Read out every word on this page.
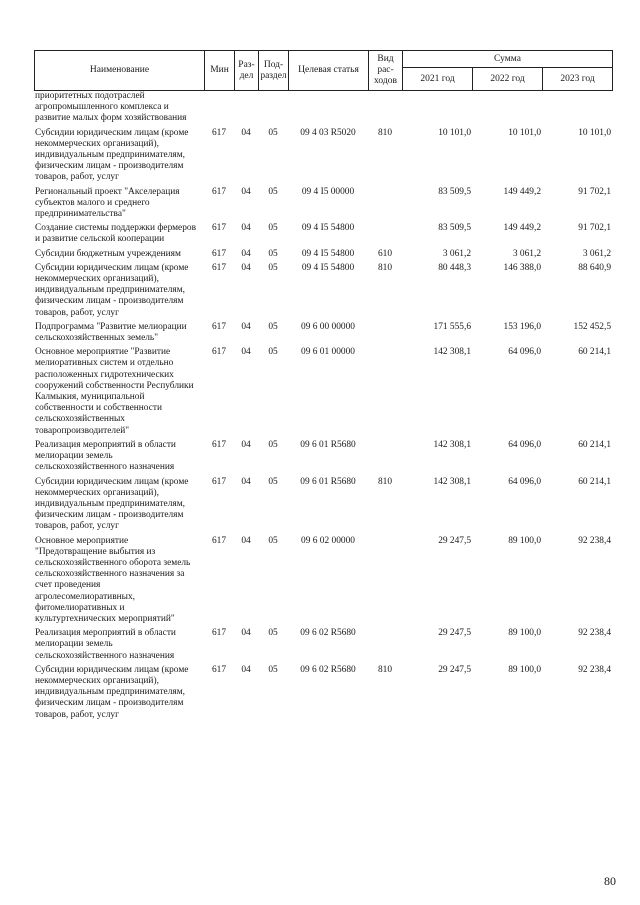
Наименование	Мин	Раз-дел	Под-раздел	Целевая статья	Вид рас-ходов	Сумма		
						2021 год	2022 год	2023 год
приоритетных подотраслей агропромышленного комплекса и развитие малых форм хозяйствования								
Субсидии юридическим лицам (кроме некоммерческих организаций), индивидуальным предпринимателям, физическим лицам - производителям товаров, работ, услуг	617	04	05	09 4 03 R5020	810	10 101,0	10 101,0	10 101,0
Региональный проект "Акселерация субъектов малого и среднего предпринимательства"	617	04	05	09 4 I5 00000		83 509,5	149 449,2	91 702,1
Создание системы поддержки фермеров и развитие сельской кооперации	617	04	05	09 4 I5 54800		83 509,5	149 449,2	91 702,1
Субсидии бюджетным учреждениям	617	04	05	09 4 I5 54800	610	3 061,2	3 061,2	3 061,2
Субсидии юридическим лицам (кроме некоммерческих организаций), индивидуальным предпринимателям, физическим лицам - производителям товаров, работ, услуг	617	04	05	09 4 I5 54800	810	80 448,3	146 388,0	88 640,9
Подпрограмма "Развитие мелиорации сельскохозяйственных земель"	617	04	05	09 6 00 00000		171 555,6	153 196,0	152 452,5
Основное мероприятие "Развитие мелиоративных систем и отдельно расположенных гидротехнических сооружений собственности Республики Калмыкия, муниципальной собственности и собственности сельскохозяйственных товаропроизводителей"	617	04	05	09 6 01 00000		142 308,1	64 096,0	60 214,1
Реализация мероприятий в области мелиорации земель сельскохозяйственного назначения	617	04	05	09 6 01 R5680		142 308,1	64 096,0	60 214,1
Субсидии юридическим лицам (кроме некоммерческих организаций), индивидуальным предпринимателям, физическим лицам - производителям товаров, работ, услуг	617	04	05	09 6 01 R5680	810	142 308,1	64 096,0	60 214,1
Основное мероприятие "Предотвращение выбытия из сельскохозяйственного оборота земель сельскохозяйственного назначения за счет проведения агролесомелиоративных, фитомелиоративных и культуртехнических мероприятий"	617	04	05	09 6 02 00000		29 247,5	89 100,0	92 238,4
Реализация мероприятий в области мелиорации земель сельскохозяйственного назначения	617	04	05	09 6 02 R5680		29 247,5	89 100,0	92 238,4
Субсидии юридическим лицам (кроме некоммерческих организаций), индивидуальным предпринимателям, физическим лицам - производителям товаров, работ, услуг	617	04	05	09 6 02 R5680	810	29 247,5	89 100,0	92 238,4
80
